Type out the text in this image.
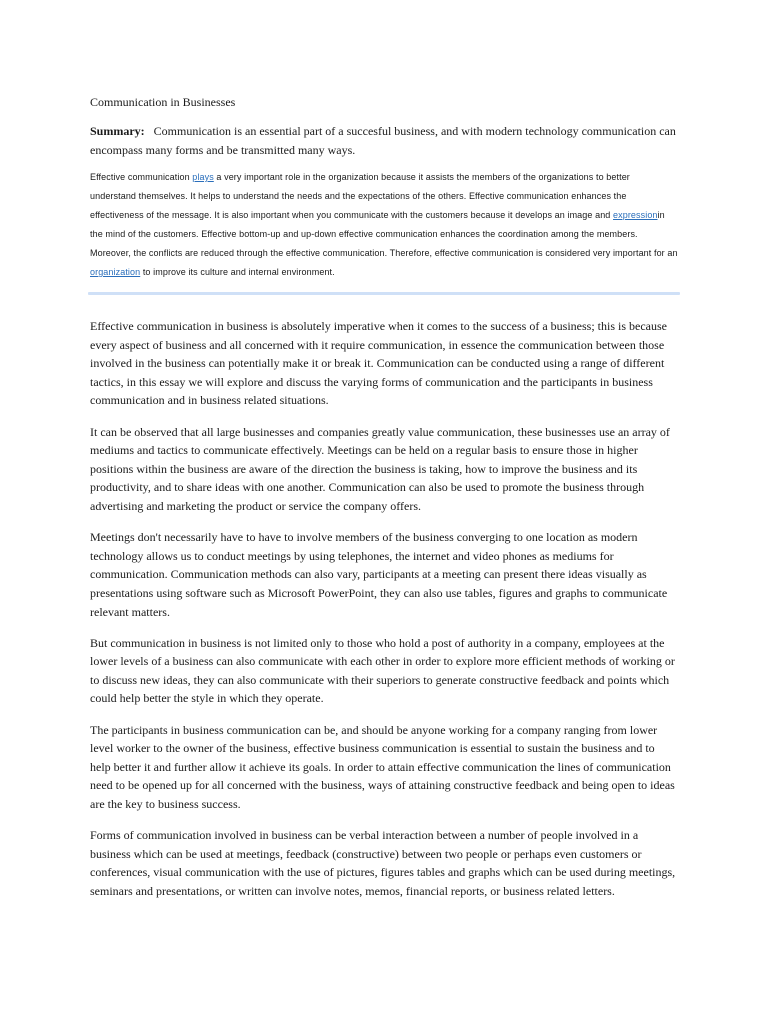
Communication in Businesses

Summary: Communication is an essential part of a succesful business, and with modern technology communication can encompass many forms and be transmitted many ways.

Effective communication plays a very important role in the organization because it assists the members of the organizations to better understand themselves. It helps to understand the needs and the expectations of the others. Effective communication enhances the effectiveness of the message. It is also important when you communicate with the customers because it develops an image and expressionin the mind of the customers. Effective bottom-up and up-down effective communication enhances the coordination among the members. Moreover, the conflicts are reduced through the effective communication. Therefore, effective communication is considered very important for an organization to improve its culture and internal environment.

Effective communication in business is absolutely imperative when it comes to the success of a business; this is because every aspect of business and all concerned with it require communication, in essence the communication between those involved in the business can potentially make it or break it. Communication can be conducted using a range of different tactics, in this essay we will explore and discuss the varying forms of communication and the participants in business communication and in business related situations.

It can be observed that all large businesses and companies greatly value communication, these businesses use an array of mediums and tactics to communicate effectively. Meetings can be held on a regular basis to ensure those in higher positions within the business are aware of the direction the business is taking, how to improve the business and its productivity, and to share ideas with one another. Communication can also be used to promote the business through advertising and marketing the product or service the company offers.

Meetings don't necessarily have to have to involve members of the business converging to one location as modern technology allows us to conduct meetings by using telephones, the internet and video phones as mediums for communication. Communication methods can also vary, participants at a meeting can present there ideas visually as presentations using software such as Microsoft PowerPoint, they can also use tables, figures and graphs to communicate relevant matters.

But communication in business is not limited only to those who hold a post of authority in a company, employees at the lower levels of a business can also communicate with each other in order to explore more efficient methods of working or to discuss new ideas, they can also communicate with their superiors to generate constructive feedback and points which could help better the style in which they operate.

The participants in business communication can be, and should be anyone working for a company ranging from lower level worker to the owner of the business, effective business communication is essential to sustain the business and to help better it and further allow it achieve its goals. In order to attain effective communication the lines of communication need to be opened up for all concerned with the business, ways of attaining constructive feedback and being open to ideas are the key to business success.

Forms of communication involved in business can be verbal interaction between a number of people involved in a business which can be used at meetings, feedback (constructive) between two people or perhaps even customers or conferences, visual communication with the use of pictures, figures tables and graphs which can be used during meetings, seminars and presentations, or written can involve notes, memos, financial reports, or business related letters.
